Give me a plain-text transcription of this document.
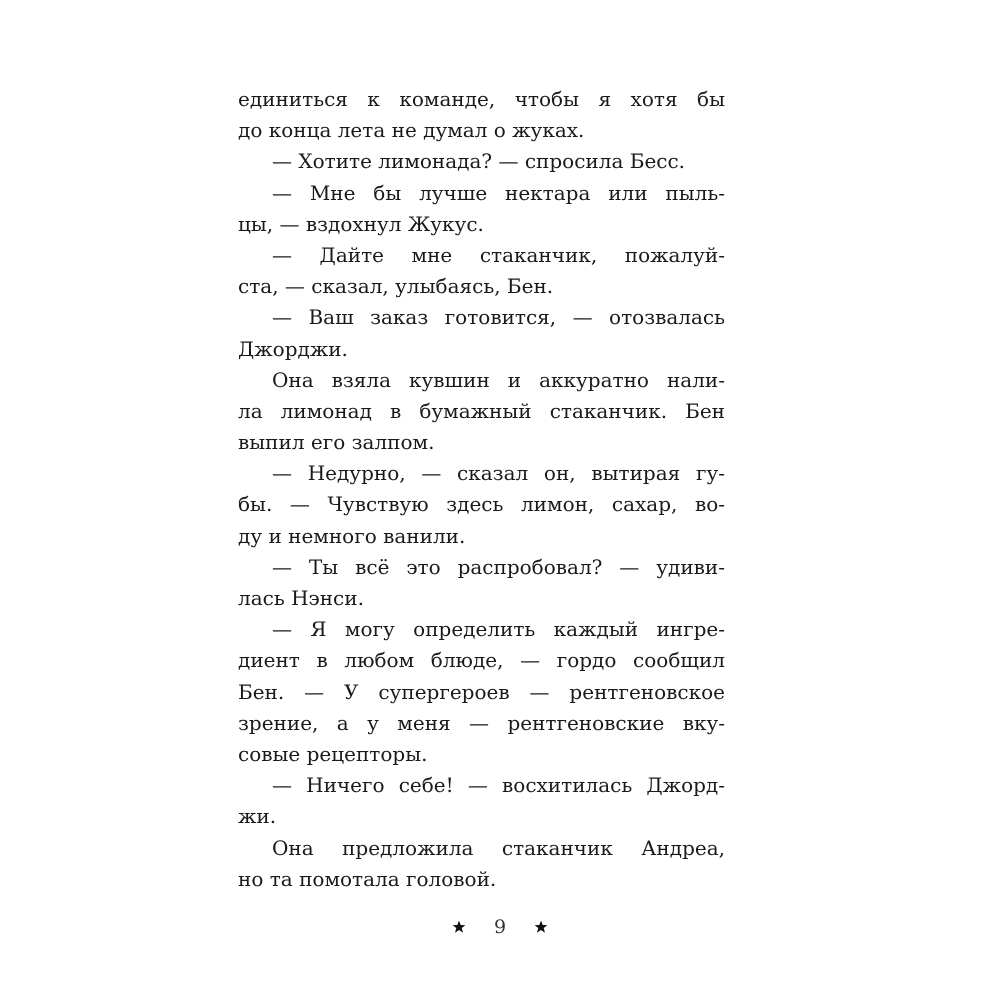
единиться к команде, чтобы я хотя бы
до конца лета не думал о жуках.
— Хотите лимонада? — спросила Бесс.
— Мне бы лучше нектара или пыль-
цы, — вздохнул Жукус.
— Дайте мне стаканчик, пожалуй-
ста, — сказал, улыбаясь, Бен.
— Ваш заказ готовится, — отозвалась
Джорджи.
Она взяла кувшин и аккуратно нали-
ла лимонад в бумажный стаканчик. Бен
выпил его залпом.
— Недурно, — сказал он, вытирая гу-
бы. — Чувствую здесь лимон, сахар, во-
ду и немного ванили.
— Ты всё это распробовал? — удиви-
лась Нэнси.
— Я могу определить каждый ингре-
диент в любом блюде, — гордо сообщил
Бен. — У супергероев — рентгеновское
зрение, а у меня — рентгеновские вку-
совые рецепторы.
— Ничего себе! — восхитилась Джорд-
жи.
Она предложила стаканчик Андреа,
но та помотала головой.
9
